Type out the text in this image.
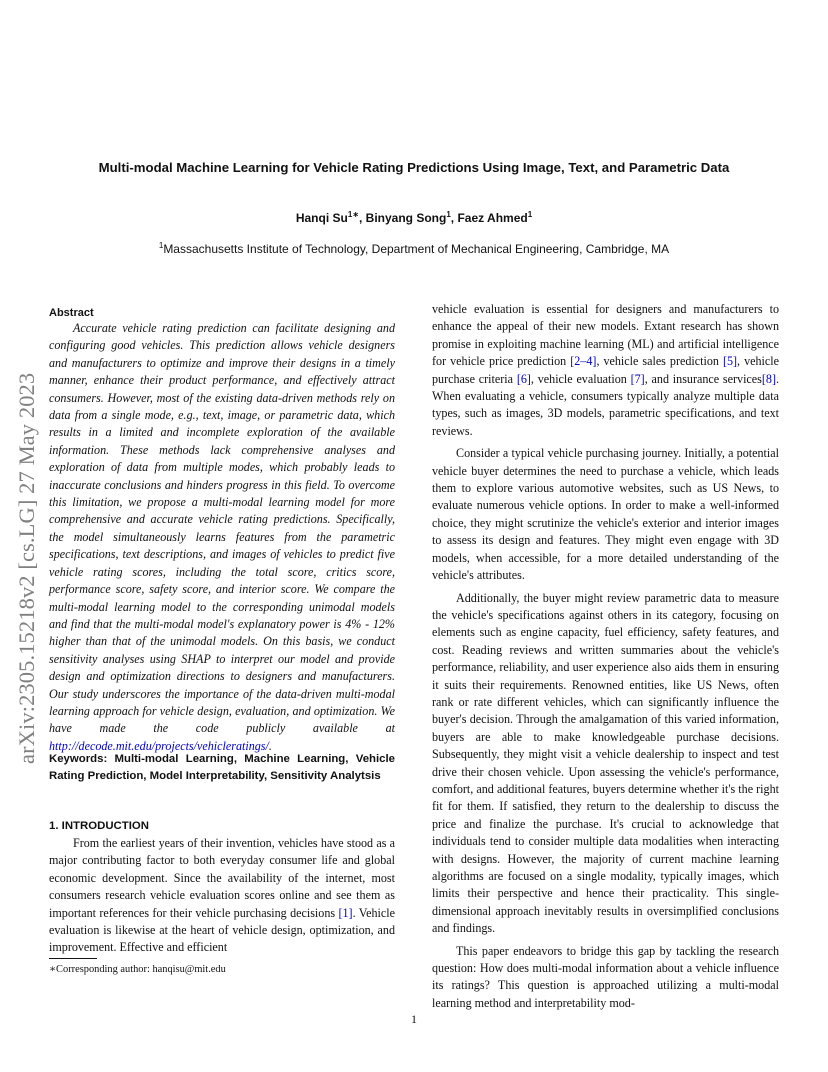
Multi-modal Machine Learning for Vehicle Rating Predictions Using Image, Text, and Parametric Data
Hanqi $Su^{1∗}$, Binyang Song$^1$, Faez Ahmed$^1$
$^1$Massachusetts Institute of Technology, Department of Mechanical Engineering, Cambridge, MA
arXiv:2305.15218v2 [cs.LG] 27 May 2023
Abstract

Accurate vehicle rating prediction can facilitate designing and configuring good vehicles. This prediction allows vehicle designers and manufacturers to optimize and improve their designs in a timely manner, enhance their product performance, and effectively attract consumers. However, most of the existing data-driven methods rely on data from a single mode, e.g., text, image, or parametric data, which results in a limited and incomplete exploration of the available information. These methods lack comprehensive analyses and exploration of data from multiple modes, which probably leads to inaccurate conclusions and hinders progress in this field. To overcome this limitation, we propose a multi-modal learning model for more comprehensive and accurate vehicle rating predictions. Specifically, the model simultaneously learns features from the parametric specifications, text descriptions, and images of vehicles to predict five vehicle rating scores, including the total score, critics score, performance score, safety score, and interior score. We compare the multi-modal learning model to the corresponding unimodal models and find that the multi-modal model's explanatory power is 4% - 12% higher than that of the unimodal models. On this basis, we conduct sensitivity analyses using SHAP to interpret our model and provide design and optimization directions to designers and manufacturers. Our study underscores the importance of the data-driven multi-modal learning approach for vehicle design, evaluation, and optimization. We have made the code publicly available at http://decode.mit.edu/projects/vehicleratings/.

Keywords: Multi-modal Learning, Machine Learning, Vehicle Rating Prediction, Model Interpretability, Sensitivity Analytsis
1. INTRODUCTION

From the earliest years of their invention, vehicles have stood as a major contributing factor to both everyday consumer life and global economic development. Since the availability of the internet, most consumers research vehicle evaluation scores online and see them as important references for their vehicle purchasing decisions [1]. Vehicle evaluation is likewise at the heart of vehicle design, optimization, and improvement. Effective and efficient

∗Corresponding author: hanqisu@mit.edu

vehicle evaluation is essential for designers and manufacturers to enhance the appeal of their new models. Extant research has shown promise in exploiting machine learning (ML) and artificial intelligence for vehicle price prediction [2–4], vehicle sales prediction [5], vehicle purchase criteria [6], vehicle evaluation [7], and insurance services[8]. When evaluating a vehicle, consumers typically analyze multiple data types, such as images, 3D models, parametric specifications, and text reviews.

Consider a typical vehicle purchasing journey. Initially, a potential vehicle buyer determines the need to purchase a vehicle, which leads them to explore various automotive websites, such as US News, to evaluate numerous vehicle options. In order to make a well-informed choice, they might scrutinize the vehicle's exterior and interior images to assess its design and features. They might even engage with 3D models, when accessible, for a more detailed understanding of the vehicle's attributes.

Additionally, the buyer might review parametric data to measure the vehicle's specifications against others in its category, focusing on elements such as engine capacity, fuel efficiency, safety features, and cost. Reading reviews and written summaries about the vehicle's performance, reliability, and user experience also aids them in ensuring it suits their requirements. Renowned entities, like US News, often rank or rate different vehicles, which can significantly influence the buyer's decision. Through the amalgamation of this varied information, buyers are able to make knowledgeable purchase decisions. Subsequently, they might visit a vehicle dealership to inspect and test drive their chosen vehicle. Upon assessing the vehicle's performance, comfort, and additional features, buyers determine whether it's the right fit for them. If satisfied, they return to the dealership to discuss the price and finalize the purchase. It's crucial to acknowledge that individuals tend to consider multiple data modalities when interacting with designs. However, the majority of current machine learning algorithms are focused on a single modality, typically images, which limits their perspective and hence their practicality. This single-dimensional approach inevitably results in oversimplified conclusions and findings.

This paper endeavors to bridge this gap by tackling the research question: How does multi-modal information about a vehicle influence its ratings? This question is approached utilizing a multi-modal learning method and interpretability mod-

1
